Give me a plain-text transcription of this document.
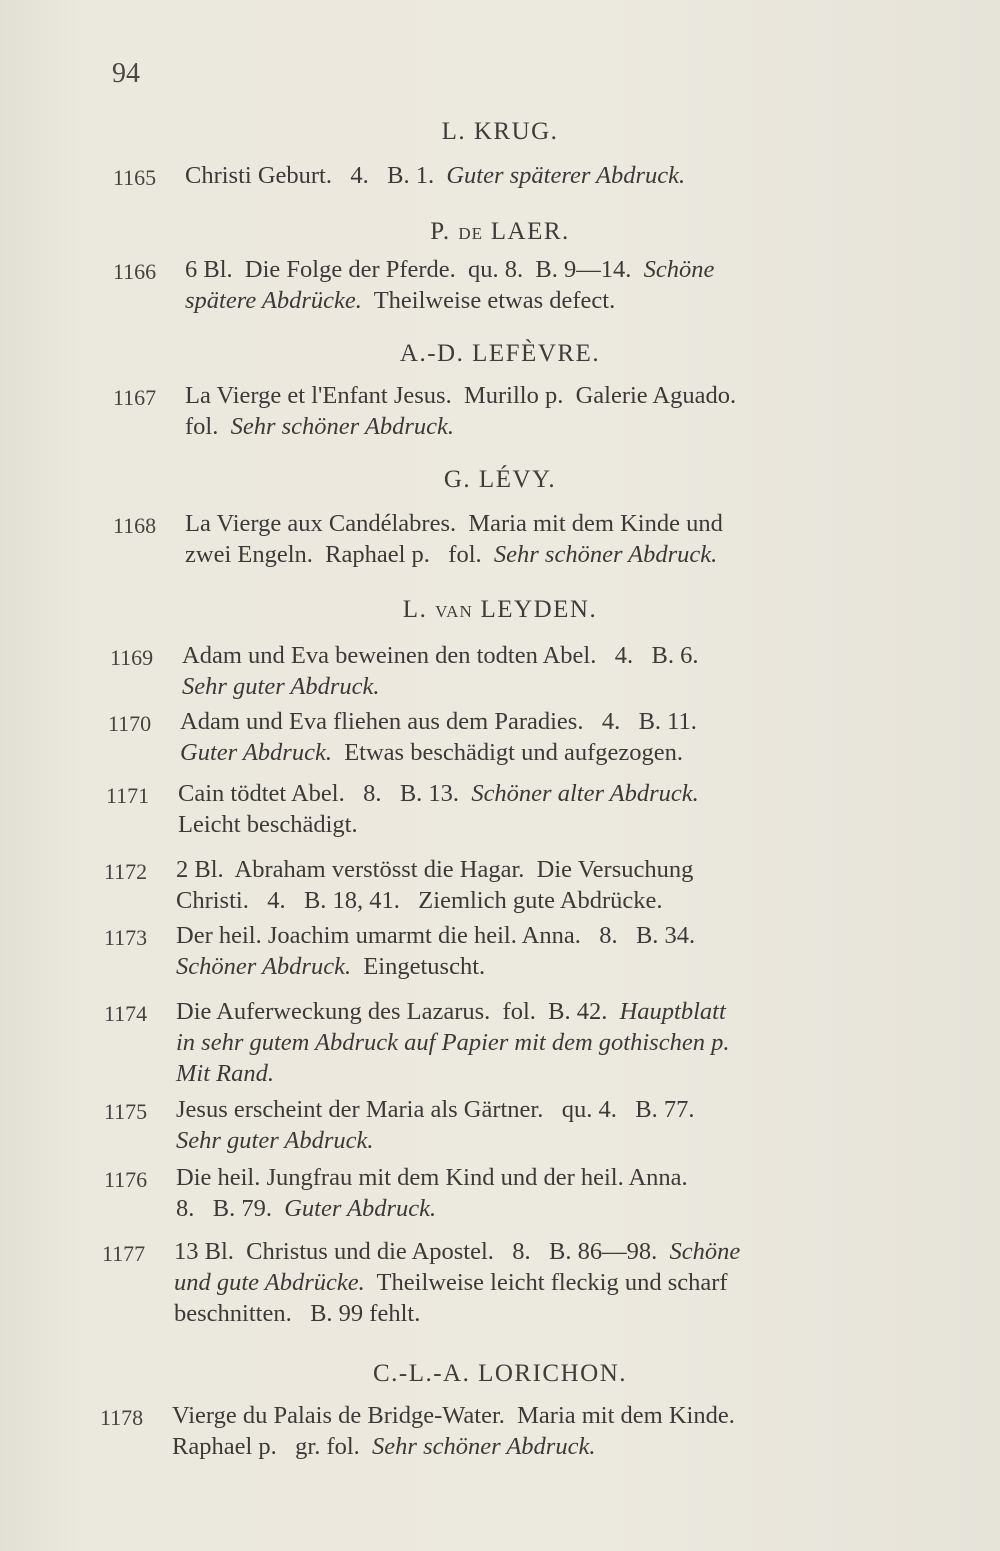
94
L. KRUG.
P. DE LAER.
A.-D. LEFÈVRE.
G. LÉVY.
L. VAN LEYDEN.
C.-L.-A. LORICHON.
1165 Christi Geburt.   4.   B. 1.  Guter späterer Abdruck.
1166 6 Bl.  Die Folge der Pferde.  qu. 8.  B. 9—14.  Schöne
spätere Abdrücke.  Theilweise etwas defect.
1167 La Vierge et l'Enfant Jesus.  Murillo p.  Galerie Aguado.
fol.  Sehr schöner Abdruck.
1168 La Vierge aux Candélabres.  Maria mit dem Kinde und
zwei Engeln.  Raphael p.   fol.  Sehr schöner Abdruck.
1169 Adam und Eva beweinen den todten Abel.   4.   B. 6.
Sehr guter Abdruck.
1170 Adam und Eva fliehen aus dem Paradies.   4.   B. 11.
Guter Abdruck.  Etwas beschädigt und aufgezogen.
1171 Cain tödtet Abel.   8.   B. 13.  Schöner alter Abdruck.
Leicht beschädigt.
1172 2 Bl.  Abraham verstösst die Hagar.  Die Versuchung
Christi.   4.   B. 18, 41.   Ziemlich gute Abdrücke.
1173 Der heil. Joachim umarmt die heil. Anna.   8.   B. 34.
Schöner Abdruck.  Eingetuscht.
1174 Die Auferweckung des Lazarus.  fol.  B. 42.  Hauptblatt
in sehr gutem Abdruck auf Papier mit dem gothischen p.
Mit Rand.
1175 Jesus erscheint der Maria als Gärtner.   qu. 4.   B. 77.
Sehr guter Abdruck.
1176 Die heil. Jungfrau mit dem Kind und der heil. Anna.
8.   B. 79.  Guter Abdruck.
1177 13 Bl.  Christus und die Apostel.   8.   B. 86—98.  Schöne
und gute Abdrücke.  Theilweise leicht fleckig und scharf
beschnitten.   B. 99 fehlt.
1178 Vierge du Palais de Bridge-Water.  Maria mit dem Kinde.
Raphael p.   gr. fol.  Sehr schöner Abdruck.
